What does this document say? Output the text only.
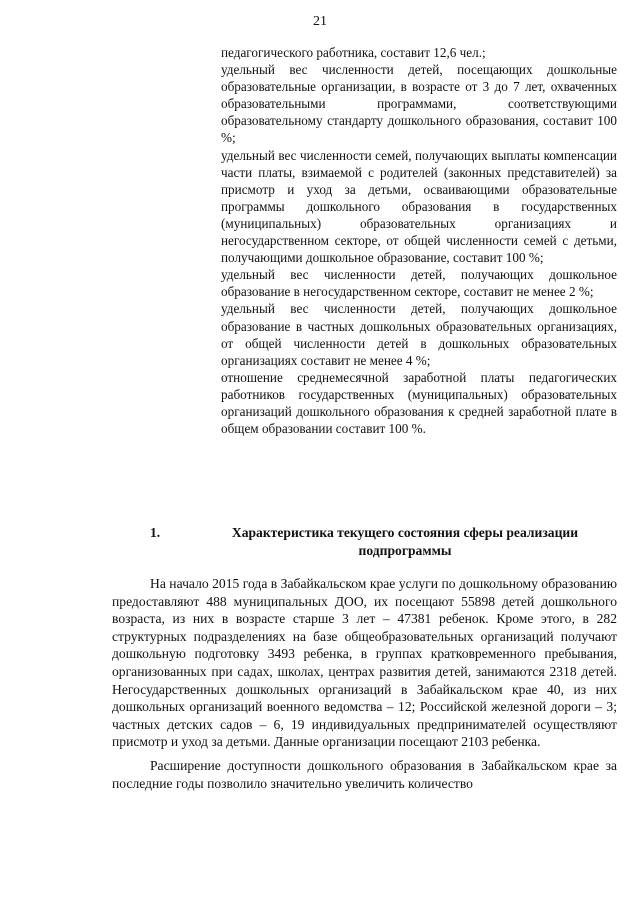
21

педагогического работника, составит 12,6 чел.;

удельный вес численности детей, посещающих дошкольные образовательные организации, в возрасте от 3 до 7 лет, охваченных образовательными программами, соответствующими образовательному стандарту дошкольного образования, составит 100 %;

удельный вес численности семей, получающих выплаты компенсации части платы, взимаемой с родителей (законных представителей) за присмотр и уход за детьми, осваивающими образовательные программы дошкольного образования в государственных (муниципальных) образовательных организациях и негосударственном секторе, от общей численности семей с детьми, получающими дошкольное образование, составит 100 %;

удельный вес численности детей, получающих дошкольное образование в негосударственном секторе, составит не менее 2 %;

удельный вес численности детей, получающих дошкольное образование в частных дошкольных образовательных организациях, от общей численности детей в дошкольных образовательных организациях составит не менее 4 %;

отношение среднемесячной заработной платы педагогических работников государственных (муниципальных) образовательных организаций дошкольного образования к средней заработной плате в общем образовании составит 100 %.

1.	Характеристика текущего состояния сферы реализации
подпрограммы

На начало 2015 года в Забайкальском крае услуги по дошкольному образованию предоставляют 488 муниципальных ДОО, их посещают 55898 детей дошкольного возраста, из них в возрасте старше 3 лет – 47381 ребенок. Кроме этого, в 282 структурных подразделениях на базе общеобразовательных организаций получают дошкольную подготовку 3493 ребенка, в группах кратковременного пребывания, организованных при садах, школах, центрах развития детей, занимаются 2318 детей. Негосударственных дошкольных организаций в Забайкальском крае 40, из них дошкольных организаций военного ведомства – 12; Российской железной дороги – 3; частных детских садов – 6, 19 индивидуальных предпринимателей осуществляют присмотр и уход за детьми. Данные организации посещают 2103 ребенка.

Расширение доступности дошкольного образования в Забайкальском крае за последние годы позволило значительно увеличить количество
